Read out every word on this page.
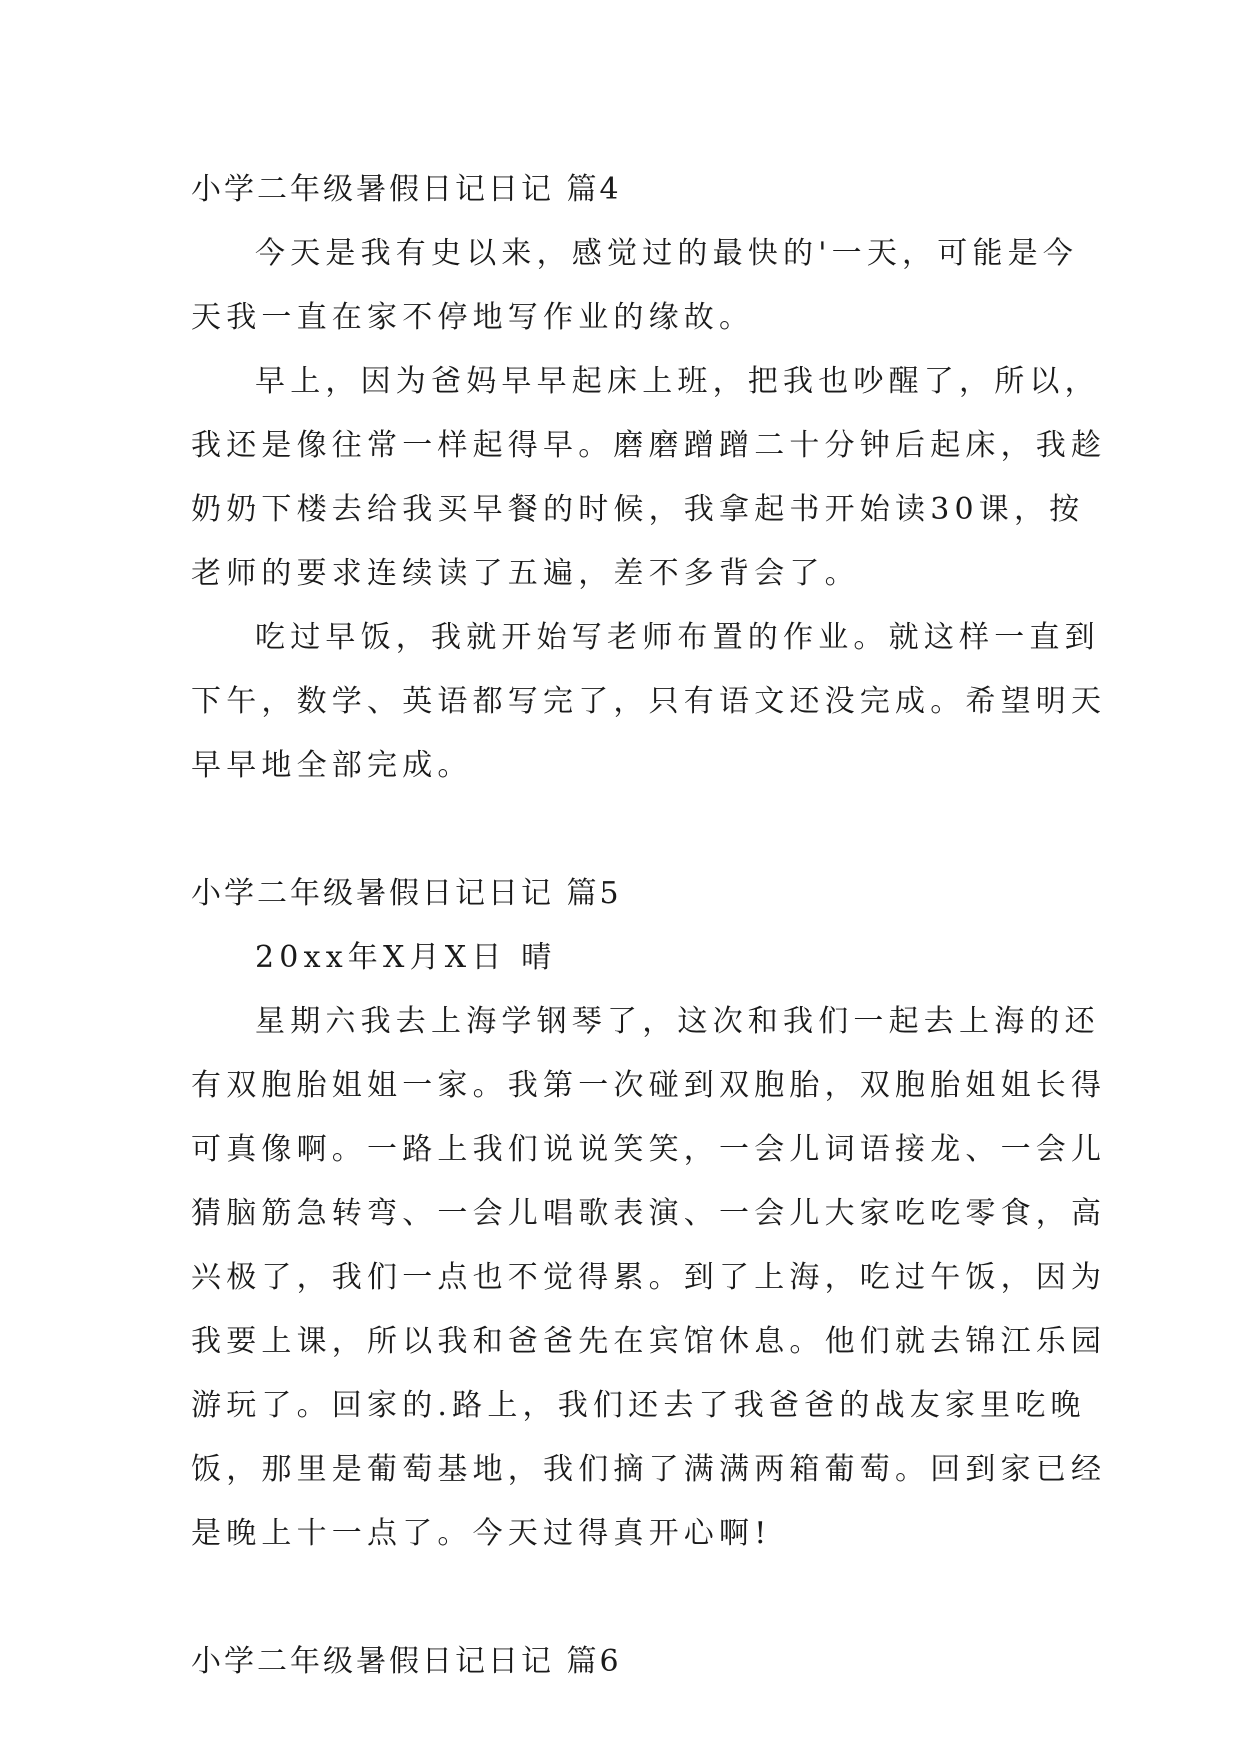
小学二年级暑假日记日记 篇4
今天是我有史以来，感觉过的最快的'一天，可能是今
天我一直在家不停地写作业的缘故。
早上，因为爸妈早早起床上班，把我也吵醒了，所以，
我还是像往常一样起得早。磨磨蹭蹭二十分钟后起床，我趁
奶奶下楼去给我买早餐的时候，我拿起书开始读30课，按
老师的要求连续读了五遍，差不多背会了。
吃过早饭，我就开始写老师布置的作业。就这样一直到
下午，数学、英语都写完了，只有语文还没完成。希望明天
早早地全部完成。
小学二年级暑假日记日记 篇5
20xx年X月X日 晴
星期六我去上海学钢琴了，这次和我们一起去上海的还
有双胞胎姐姐一家。我第一次碰到双胞胎，双胞胎姐姐长得
可真像啊。一路上我们说说笑笑，一会儿词语接龙、一会儿
猜脑筋急转弯、一会儿唱歌表演、一会儿大家吃吃零食，高
兴极了，我们一点也不觉得累。到了上海，吃过午饭，因为
我要上课，所以我和爸爸先在宾馆休息。他们就去锦江乐园
游玩了。回家的.路上，我们还去了我爸爸的战友家里吃晚
饭，那里是葡萄基地，我们摘了满满两箱葡萄。回到家已经
是晚上十一点了。今天过得真开心啊!
小学二年级暑假日记日记 篇6
